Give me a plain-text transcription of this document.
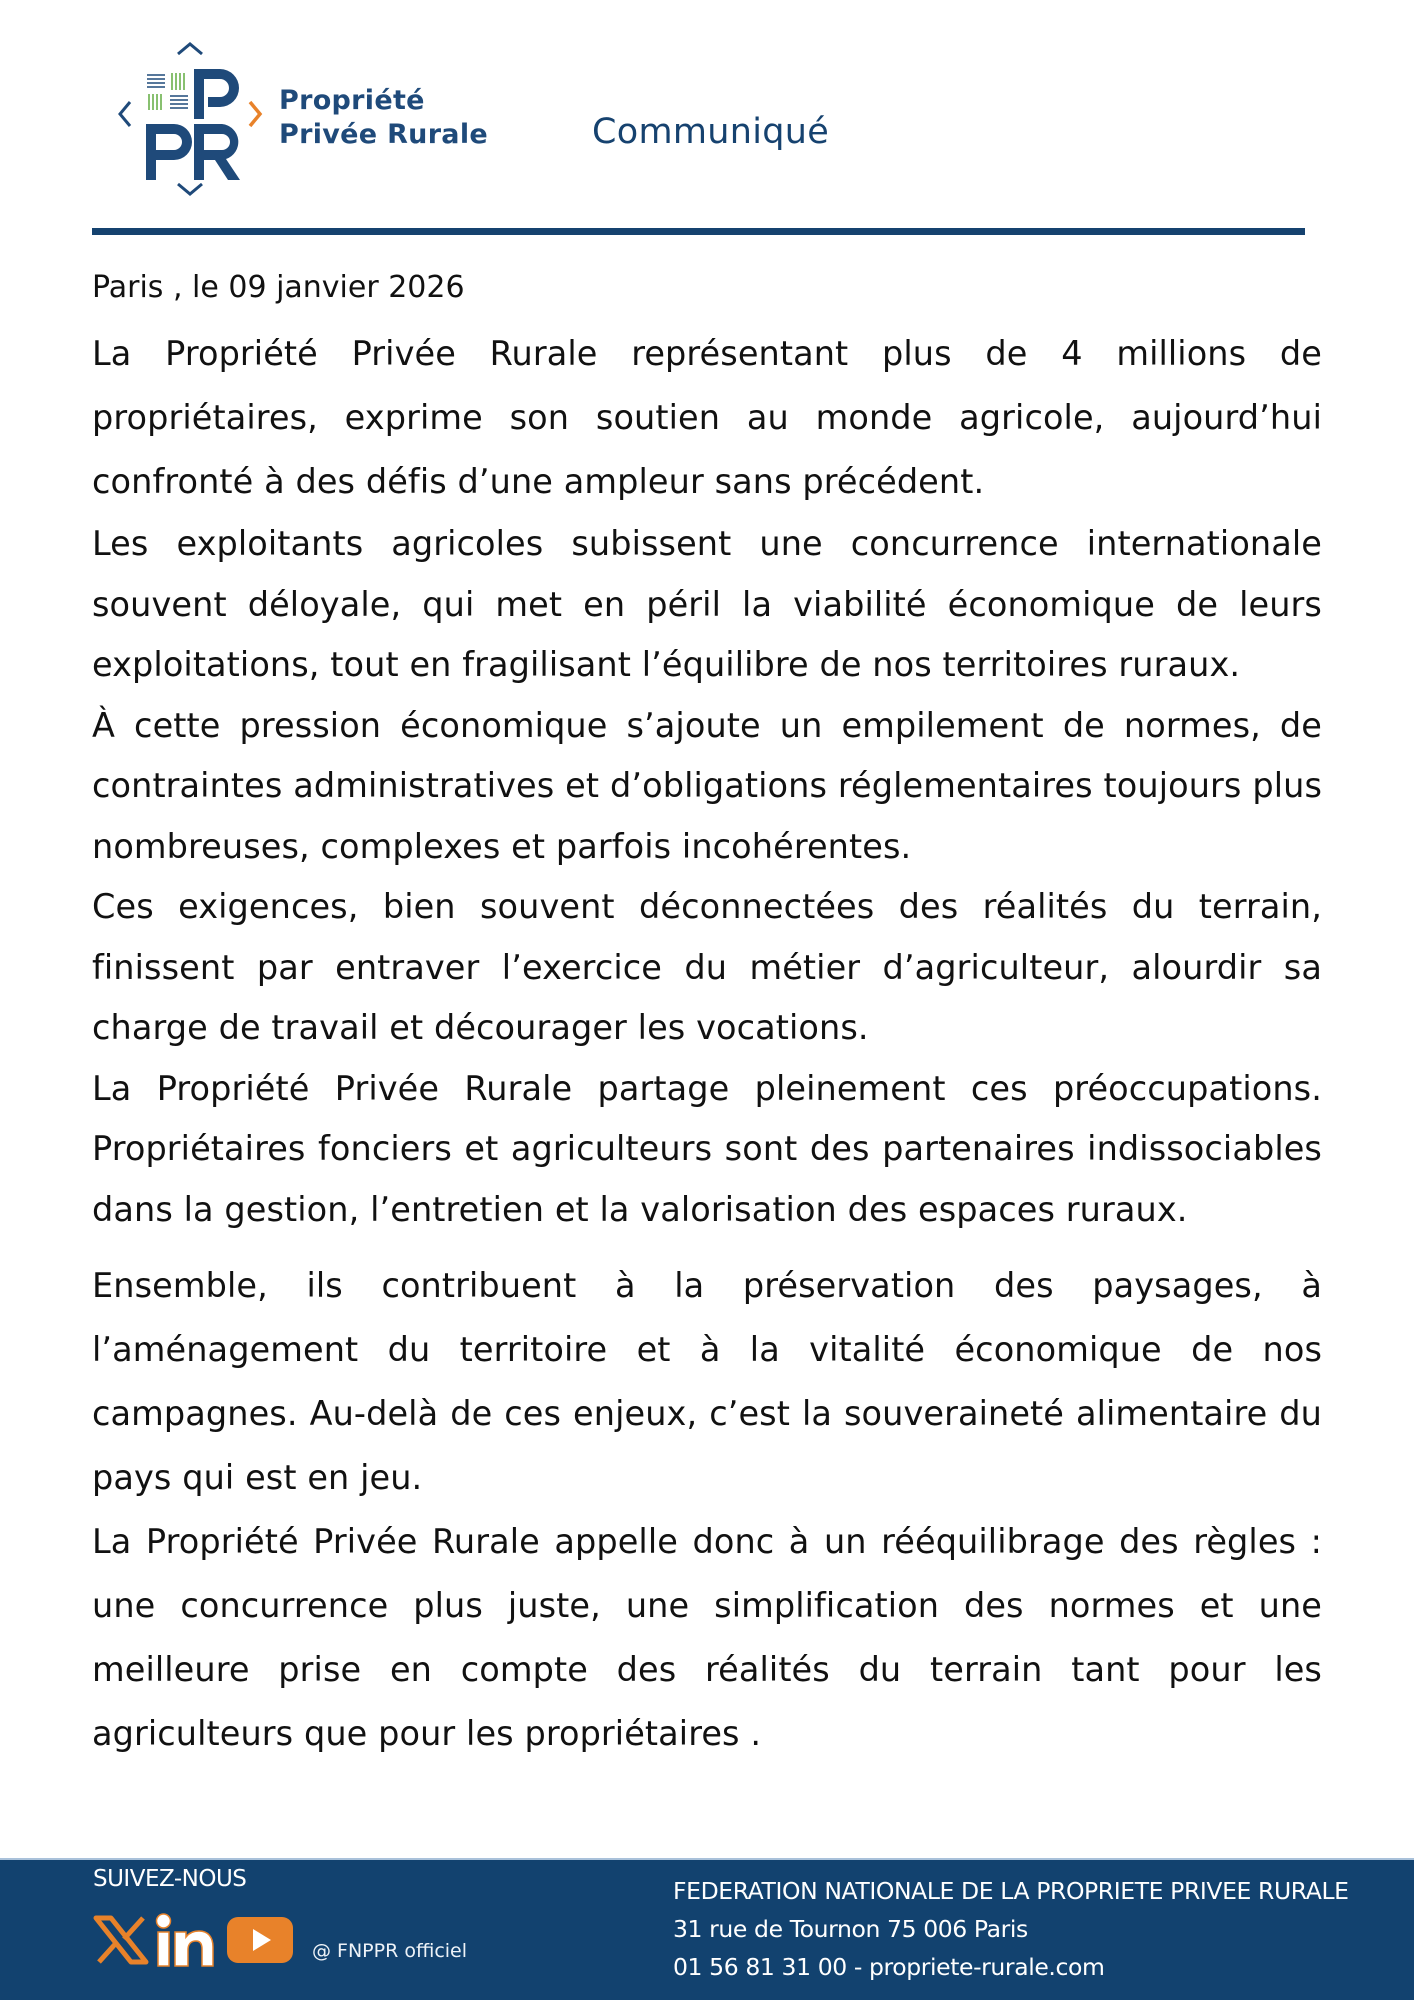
Propriété
Privée Rurale	Communiqué

Paris , le 09 janvier 2026

La Propriété Privée Rurale représentant plus de 4 millions de propriétaires, exprime son soutien au monde agricole, aujourd’hui confronté à des défis d’une ampleur sans précédent.

Les exploitants agricoles subissent une concurrence internationale souvent déloyale, qui met en péril la viabilité économique de leurs exploitations, tout en fragilisant l’équilibre de nos territoires ruraux.

À cette pression économique s’ajoute un empilement de normes, de contraintes administratives et d’obligations réglementaires toujours plus nombreuses, complexes et parfois incohérentes.

Ces exigences, bien souvent déconnectées des réalités du terrain, finissent par entraver l’exercice du métier d’agriculteur, alourdir sa charge de travail et décourager les vocations.

La Propriété Privée Rurale partage pleinement ces préoccupations. Propriétaires fonciers et agriculteurs sont des partenaires indissociables dans la gestion, l’entretien et la valorisation des espaces ruraux.

Ensemble, ils contribuent à la préservation des paysages, à l’aménagement du territoire et à la vitalité économique de nos campagnes. Au-delà de ces enjeux, c’est la souveraineté alimentaire du pays qui est en jeu.

La Propriété Privée Rurale appelle donc à un rééquilibrage des règles : une concurrence plus juste, une simplification des normes et une meilleure prise en compte des réalités du terrain tant pour les agriculteurs que pour les propriétaires .

SUIVEZ-NOUS
@ FNPPR officiel
FEDERATION NATIONALE DE LA PROPRIETE PRIVEE RURALE
31 rue de Tournon 75 006 Paris
01 56 81 31 00 - propriete-rurale.com
